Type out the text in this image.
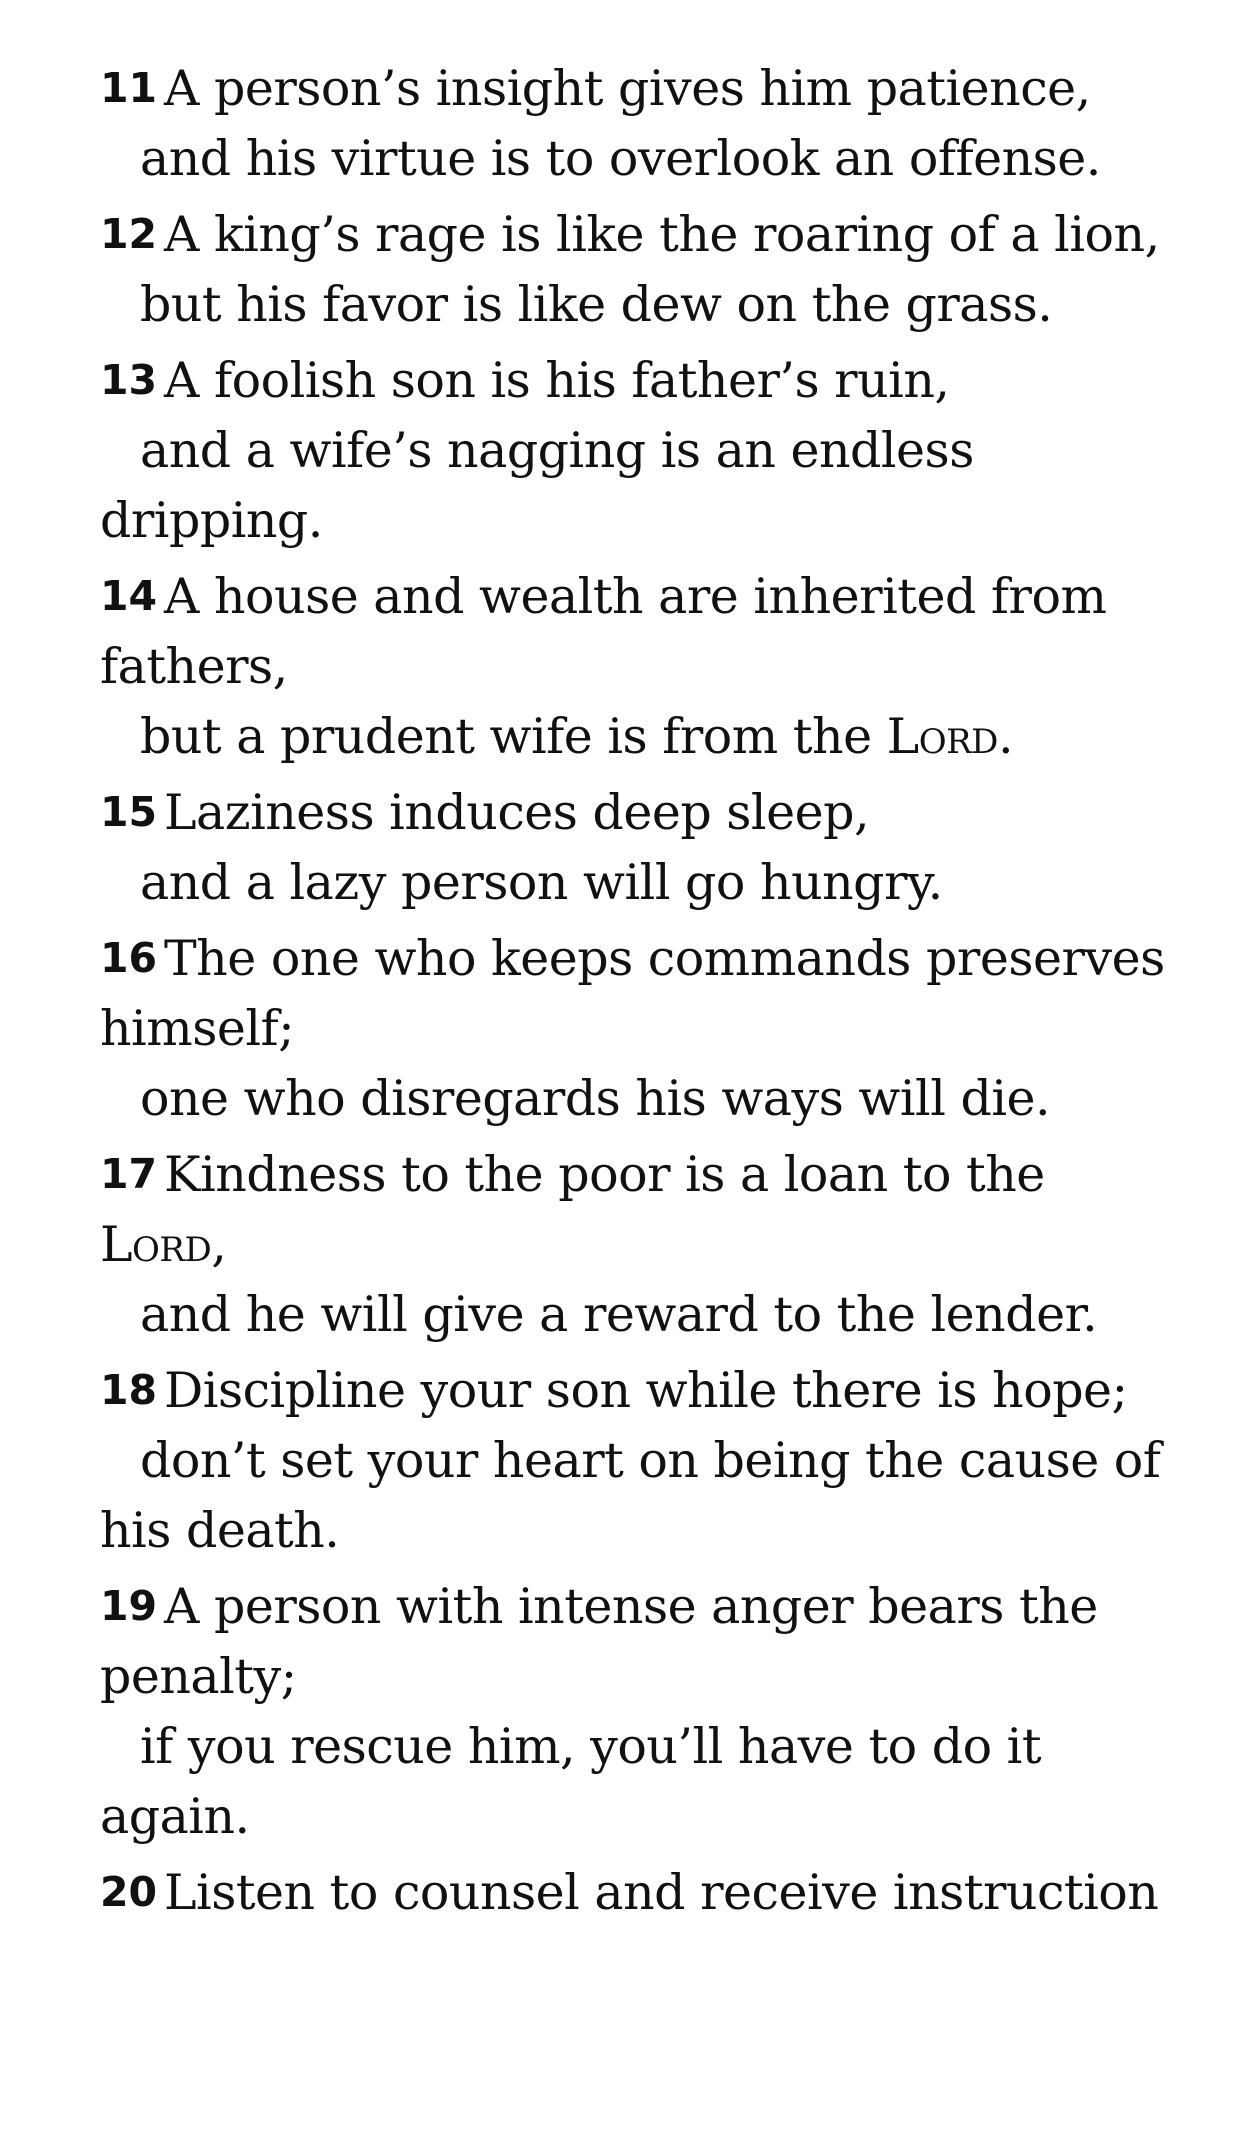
11 A person’s insight gives him patience,
and his virtue is to overlook an offense.
12 A king’s rage is like the roaring of a lion,
but his favor is like dew on the grass.
13 A foolish son is his father’s ruin,
and a wife’s nagging is an endless
dripping.
14 A house and wealth are inherited from
fathers,
but a prudent wife is from the Lord.
15 Laziness induces deep sleep,
and a lazy person will go hungry.
16 The one who keeps commands preserves
himself;
one who disregards his ways will die.
17 Kindness to the poor is a loan to the
Lord,
and he will give a reward to the lender.
18 Discipline your son while there is hope;
don’t set your heart on being the cause of
his death.
19 A person with intense anger bears the
penalty;
if you rescue him, you’ll have to do it
again.
20 Listen to counsel and receive instruction
